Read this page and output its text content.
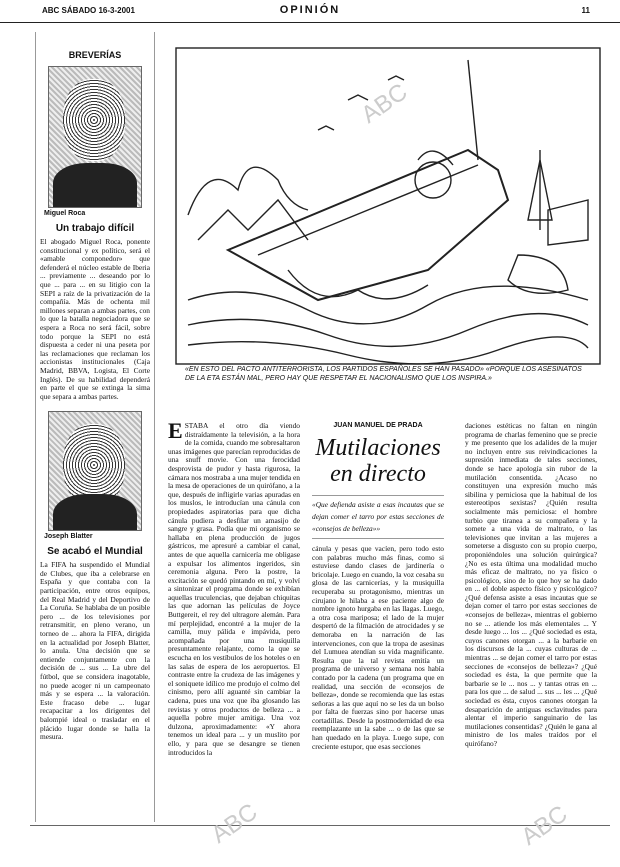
ABC SÁBADO 16-3-2001	OPINIÓN	11
BREVERÍAS
Miguel Roca
Un trabajo difícil
El abogado Miguel Roca, ponente constitucional y ex político, será el «amable componedor» que defenderá el núcleo estable de Iberia ... previamente ... deseando por lo que ... para ... en su litigio con la SEPI a raíz de la privatización de la compañía. Más de ochenta mil millones separan a ambas partes, con lo que la batalla negociadora que se espera a Roca no será fácil, sobre todo porque la SEPI no está dispuesta a ceder ni una peseta por las reclamaciones que reclaman los accionistas institucionales (Caja Madrid, BBVA, Logista, El Corte Inglés). De su habilidad dependerá en parte el que se extinga la sima que separa a ambas partes.
Joseph Blatter
Se acabó el Mundial
La FIFA ha suspendido el Mundial de Clubes, que iba a celebrarse en España y que contaba con la participación, entre otros equipos, del Real Madrid y del Deportivo de La Coruña. Se hablaba de un posible pero ... de los televisiones por retransmitir, en pleno verano, un torneo de ... ahora la FIFA, dirigida en la actualidad por Joseph Blatter, lo anula. Una decisión que se entiende conjuntamente con la decisión de ... sus ... La ubre del fútbol, que se considera inagotable, no puede acoger ni un campeonato más y se espera ... la valoración. Este fracaso debe ... lugar recapacitar a los dirigentes del balompié ideal o trasladar en el plácido lugar donde se halla la mesura.
«EN ESTO DEL PACTO ANTITERRORISTA, LOS PARTIDOS ESPAÑOLES SE HAN PASADO» «PORQUE LOS ASESINATOS DE LA ETA ESTÁN MAL, PERO HAY QUE RESPETAR EL NACIONALISMO QUE LOS INSPIRA.»
ESTABA el otro día viendo distraídamente la televisión, a la hora de la comida, cuando me sobresaltaron unas imágenes que parecían reproducidas de una snuff movie. Con una ferocidad desprovista de pudor y hasta rigurosa, la cámara nos mostraba a una mujer tendida en la mesa de operaciones de un quirófano, a la que, después de infligirle varias apuradas en los muslos, le introducían una cánula con propiedades aspiratorias para que dicha cánula pudiera a desfilar un amasijo de sangre y grasa. Podía que mi organismo se hallaba en plena producción de jugos gástricos, me apresuré a cambiar el canal, antes de que aquella carnicería me obligase a expulsar los alimentos ingeridos, sin ceremonia alguna. Pero la postre, la excitación se quedó pintando en mí, y volví a sintonizar el programa donde se exhibían aquellas truculencias, que dejaban chiquitas las que adornan las películas de Joyce Buttgereit, el rey del ultragore alemán. Para mí perplejidad, encontré a la mujer de la camilla, muy pálida e impávida, pero acompañada por una musiquilla presuntamente relajante, como la que se escucha en los vestíbulos de los hoteles o en las salas de espera de los aeropuertos. El contraste entre la crudeza de las imágenes y el soniquete idílico me produjo el colmo del cinismo, pero allí aguanté sin cambiar la cadena, pues una voz que iba glosando las revistas y otros productos de belleza ... a aquella pobre mujer amitiga. Una voz dulzona, aproximadamente: «Y ahora tenemos un ideal para ... y un muslito por ello, y para que se desangre se tienen introducidos la
JUAN MANUEL DE PRADA
Mutilaciones en directo
«Que defienda asiste a esas incautas que se dejan comer el tarro por estas secciones de «consejos de belleza»»
cánula y pesas que vacíen, pero todo esto con palabras mucho más finas, como si estuviese dando clases de jardinería o bricolaje. Luego en cuando, la voz cesaba su glosa de las carnicerías, y la musiquilla recuperaba su protagonismo, mientras un cirujano le hilaba a ese paciente algo de nombre ignoto hurgaba en las llagas. Luego, a otra cosa mariposa; el lado de la mujer despertó de la filmación de atrocidades y se demoraba en la narración de las intervenciones, con que la tropa de asesinas del Lumuea atendían su vida magnificante. Resulta que la tal revista emitía un programa de universo y semana nos había contado por la cadena (un programa que en realidad, una sección de «consejos de belleza», donde se recomienda que las estas señoras a las que aquí no se les da un bolso por falta de fuerzas sino por hacerse unas cortadillas. Desde la postmodernidad de esa reemplazante un la sabe ... o de las que se han quedado en la playa. Luego supe, con creciente estupor, que esas secciones
daciones estéticas no faltan en ningún programa de charlas femenino que se precie y me presento que los adalides de la mujer no incluyen entre sus reivindicaciones la supresión inmediata de tales secciones, donde se hace apología sin rubor de la mutilación consentida. ¿Acaso no constituyen una expresión mucho más sibilina y perniciosa que la habitual de los estereotipos sexistas? ¿Quién resulta socialmente más perniciosa: el hombre turbio que tiranea a su compañera y la somete a una vida de maltrato, o las televisiones que invitan a las mujeres a someterse a disgusto con su propio cuerpo, proponiéndoles una solución quirúrgica? ¿No es esta última una modalidad mucho más eficaz de maltrato, no ya físico o psicológico, sino de lo que hoy se ha dado en ... el doble aspecto físico y psicológico? ¿Qué defensa asiste a esas incautas que se dejan comer el tarro por estas secciones de «consejos de belleza», mientras el gobierno no se ... atiende los más elementales ... Y desde luego ... los ... ¿Qué sociedad es esta, cuyos canones otorgan ... a la barbarie en los discursos de la ... cuyas culturas de ... mientras ... se dejan comer el tarro por estas secciones de «consejos de belleza»? ¿Qué sociedad es ésta, la que permite que la barbarie se le ... nos ... y tantas otras en ... para los que ... de salud ... sus ... les ... ¿Qué sociedad es ésta, cuyos canones otorgan la desaparición de antiguas esclavitudes para alentar el imperio sanguinario de las mutilaciones consentidas? ¿Quién le gana al ministro de los males traídos por el quirófano?
ABC
ABC	ABC
